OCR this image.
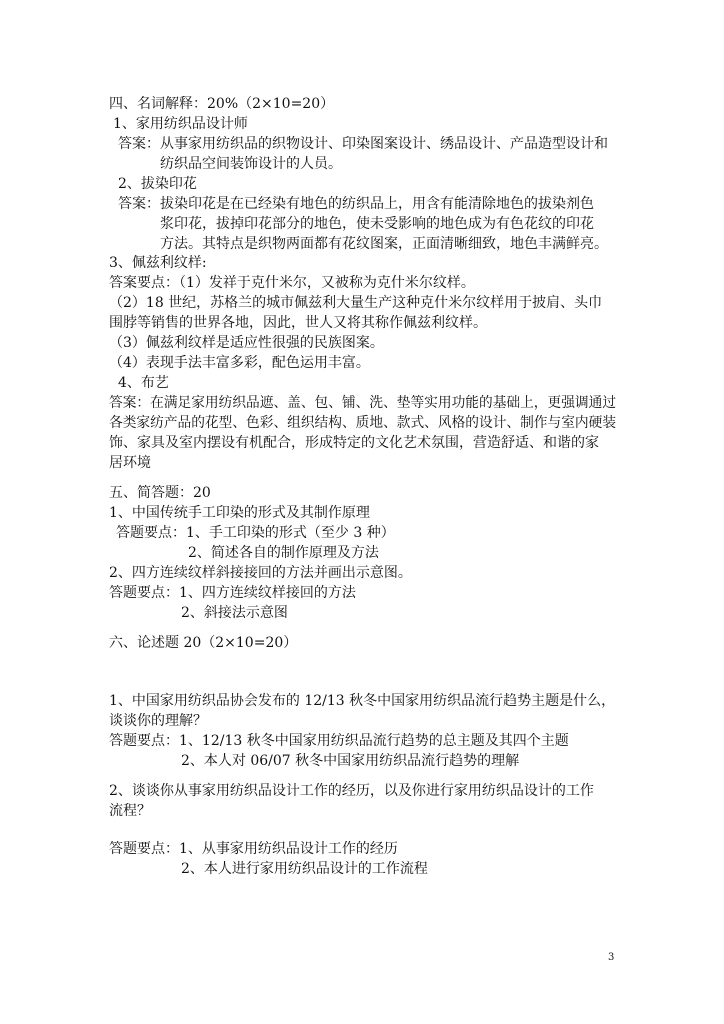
四、名词解释：20%（2×10=20）
1、家用纺织品设计师
答案：从事家用纺织品的织物设计、印染图案设计、绣品设计、产品造型设计和
纺织品空间装饰设计的人员。
2、拔染印花
答案：拔染印花是在已经染有地色的纺织品上，用含有能清除地色的拔染剂色
浆印花，拔掉印花部分的地色，使未受影响的地色成为有色花纹的印花
方法。其特点是织物两面都有花纹图案，正面清晰细致，地色丰满鲜亮。
3、佩兹利纹样:
答案要点：（1）发祥于克什米尔，又被称为克什米尔纹样。
（2）18 世纪，苏格兰的城市佩兹利大量生产这种克什米尔纹样用于披肩、头巾
围脖等销售的世界各地，因此，世人又将其称作佩兹利纹样。
（3）佩兹利纹样是适应性很强的民族图案。
（4）表现手法丰富多彩，配色运用丰富。
4、布艺
答案：在满足家用纺织品遮、盖、包、铺、洗、垫等实用功能的基础上，更强调通过
各类家纺产品的花型、色彩、组织结构、质地、款式、风格的设计、制作与室内硬装
饰、家具及室内摆设有机配合，形成特定的文化艺术氛围，营造舒适、和谐的家
居环境
五、简答题：20
1、中国传统手工印染的形式及其制作原理
答题要点：1、手工印染的形式（至少 3 种）
2、简述各自的制作原理及方法
2、四方连续纹样斜接接回的方法并画出示意图。
答题要点：1、四方连续纹样接回的方法
2、斜接法示意图
六、论述题 20（2×10=20）
1、中国家用纺织品协会发布的 12/13 秋冬中国家用纺织品流行趋势主题是什么，
谈谈你的理解？
答题要点：1、12/13 秋冬中国家用纺织品流行趋势的总主题及其四个主题
2、本人对 06/07 秋冬中国家用纺织品流行趋势的理解
2、谈谈你从事家用纺织品设计工作的经历，以及你进行家用纺织品设计的工作
流程？
答题要点：1、从事家用纺织品设计工作的经历
2、本人进行家用纺织品设计的工作流程
3
